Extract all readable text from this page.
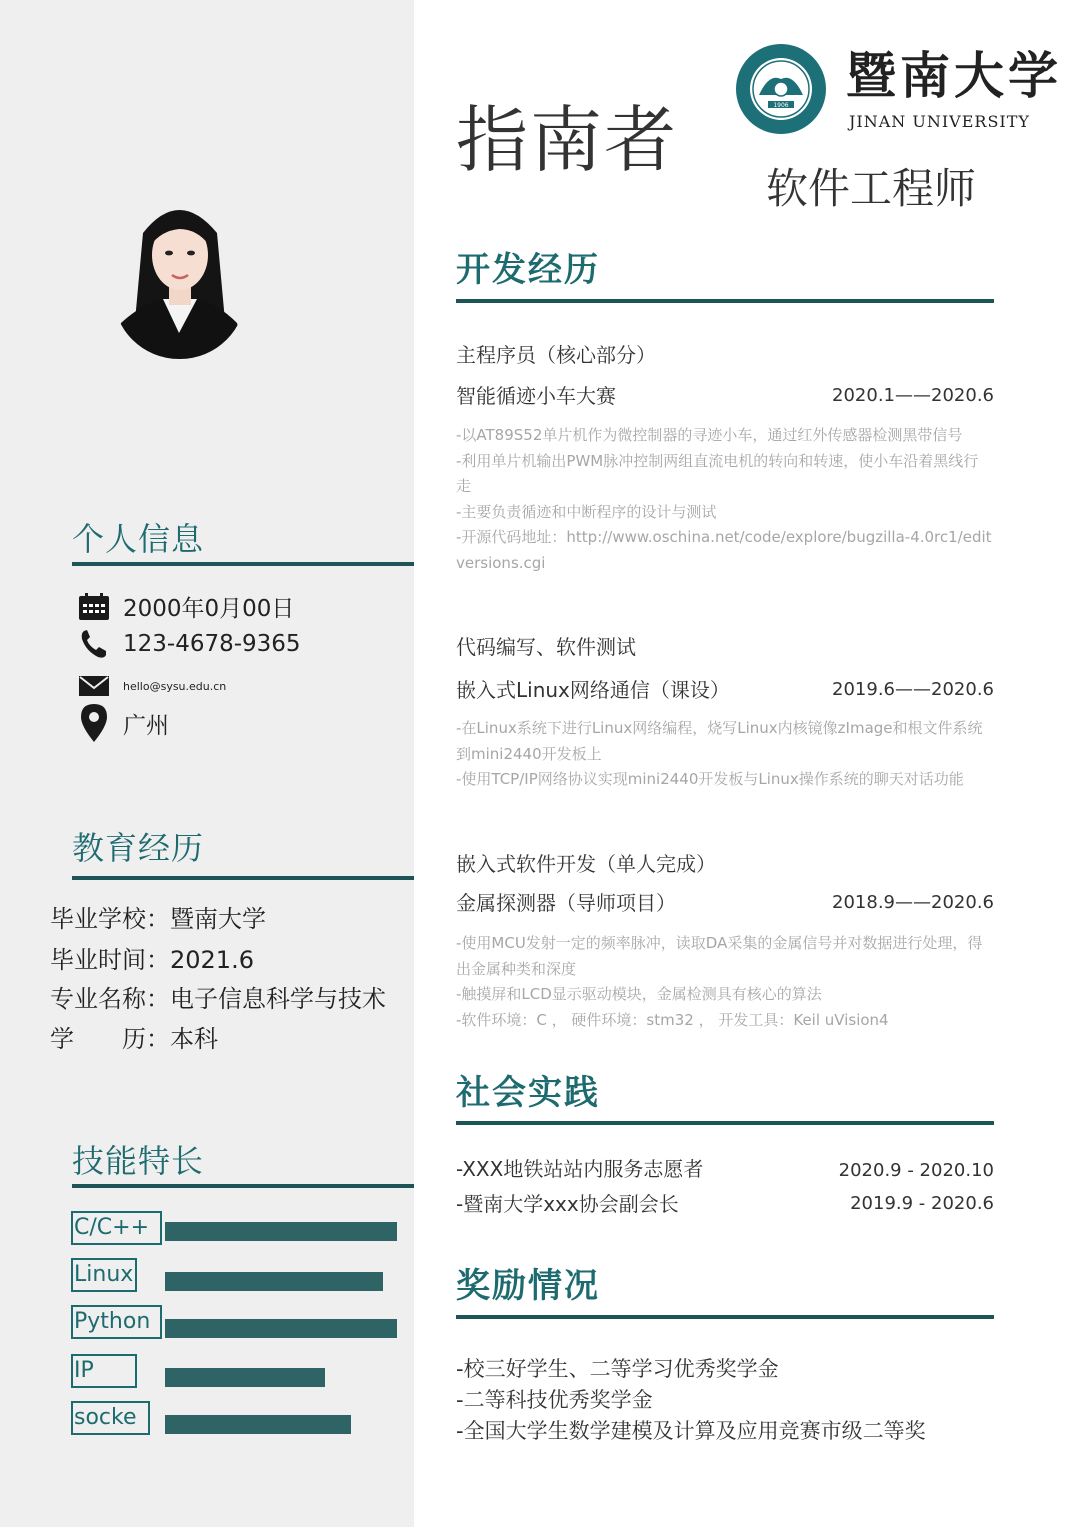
个人信息
2000年0月00日
123-4678-9365
hello@sysu.edu.cn
广州
教育经历
毕业学校：暨南大学
毕业时间：2021.6
专业名称：电子信息科学与技术
学　　历：本科
技能特长
C/C++
Linux
Python
IP
socke
指南者
软件工程师
1906
暨南大学
JINAN UNIVERSITY
开发经历
主程序员（核心部分）
智能循迹小车大赛	2020.1——2020.6
-以AT89S52单片机作为微控制器的寻迹小车，通过红外传感器检测黑带信号
-利用单片机输出PWM脉冲控制两组直流电机的转向和转速，使小车沿着黑线行走
-主要负责循迹和中断程序的设计与测试
-开源代码地址：http://www.oschina.net/code/explore/bugzilla-4.0rc1/editversions.cgi
代码编写、软件测试
嵌入式Linux网络通信（课设）	2019.6——2020.6
-在Linux系统下进行Linux网络编程，烧写Linux内核镜像zImage和根文件系统到mini2440开发板上
-使用TCP/IP网络协议实现mini2440开发板与Linux操作系统的聊天对话功能
嵌入式软件开发（单人完成）
金属探测器（导师项目）	2018.9——2020.6
-使用MCU发射一定的频率脉冲，读取DA采集的金属信号并对数据进行处理，得出金属种类和深度
-触摸屏和LCD显示驱动模块，金属检测具有核心的算法
-软件环境：C ， 硬件环境：stm32 ， 开发工具：Keil uVision4
社会实践
-XXX地铁站站内服务志愿者	2020.9 - 2020.10
-暨南大学xxx协会副会长	2019.9 - 2020.6
奖励情况
-校三好学生、二等学习优秀奖学金
-二等科技优秀奖学金
-全国大学生数学建模及计算及应用竞赛市级二等奖
